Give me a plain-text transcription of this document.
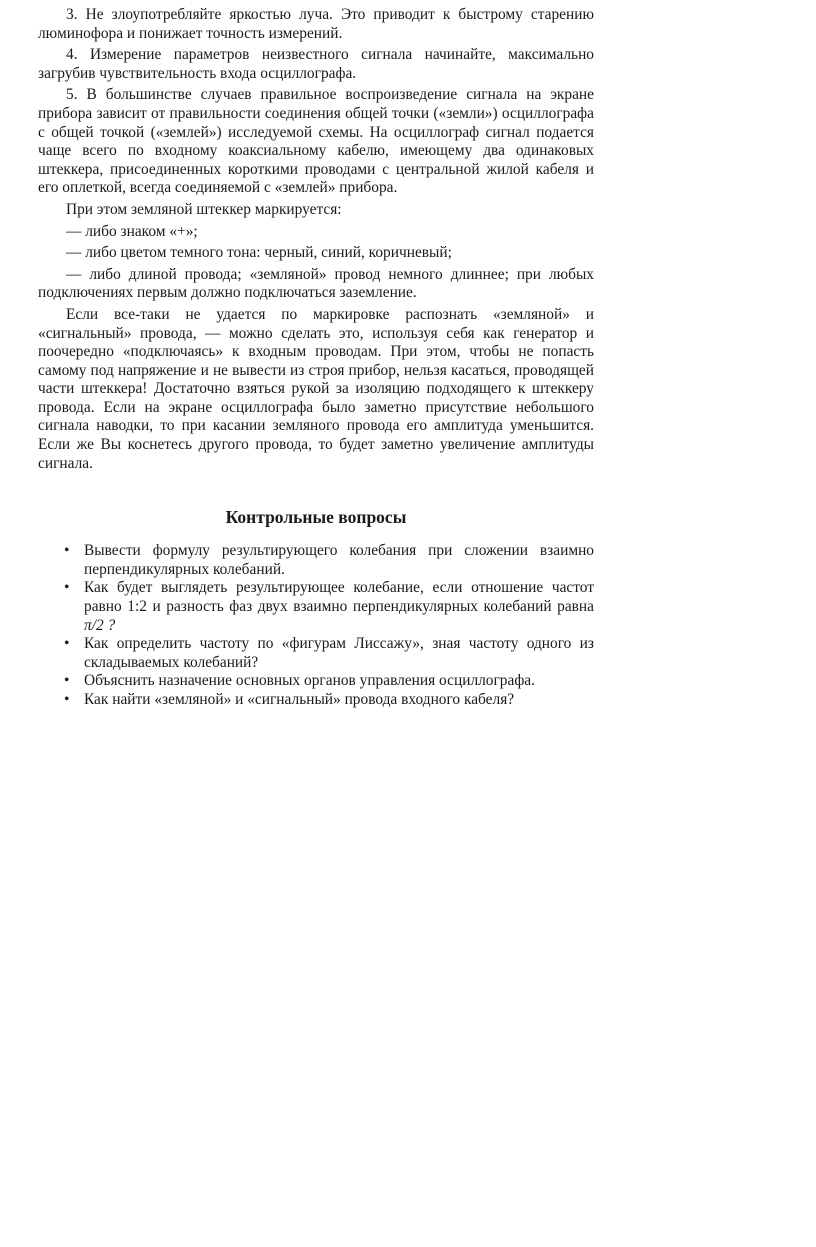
3. Не злоупотребляйте яркостью луча. Это приводит к быстрому старению люминофора и понижает точность измерений.

4. Измерение параметров неизвестного сигнала начинайте, максимально загрубив чувствительность входа осциллографа.

5. В большинстве случаев правильное воспроизведение сигнала на экране прибора зависит от правильности соединения общей точки («земли») осциллографа с общей точкой («землей») исследуемой схемы. На осциллограф сигнал подается чаще всего по входному коаксиальному кабелю, имеющему два одинаковых штеккера, присоединенных короткими проводами с центральной жилой кабеля и его оплеткой, всегда соединяемой с «землей» прибора.

При этом земляной штеккер маркируется:

— либо знаком «+»;

— либо цветом темного тона: черный, синий, коричневый;

— либо длиной провода; «земляной» провод немного длиннее; при любых подключениях первым должно подключаться заземление.

Если все-таки не удается по маркировке распознать «земляной» и «сигнальный» провода, — можно сделать это, используя себя как генератор и поочередно «подключаясь» к входным проводам. При этом, чтобы не попасть самому под напряжение и не вывести из строя прибор, нельзя касаться, проводящей части штеккера! Достаточно взяться рукой за изоляцию подходящего к штеккеру провода. Если на экране осциллографа было заметно присутствие небольшого сигнала наводки, то при касании земляного провода его амплитуда уменьшится. Если же Вы коснетесь другого провода, то будет заметно увеличение амплитуды сигнала.

Контрольные вопросы
• Вывести формулу результирующего колебания при сложении взаимно перпендикулярных колебаний.
• Как будет выглядеть результирующее колебание, если отношение частот равно 1:2 и разность фаз двух взаимно перпендикулярных колебаний равна π/2 ?
• Как определить частоту по «фигурам Лиссажу», зная частоту одного из складываемых колебаний?
• Объяснить назначение основных органов управления осциллографа.
• Как найти «земляной» и «сигнальный» провода входного кабеля?
